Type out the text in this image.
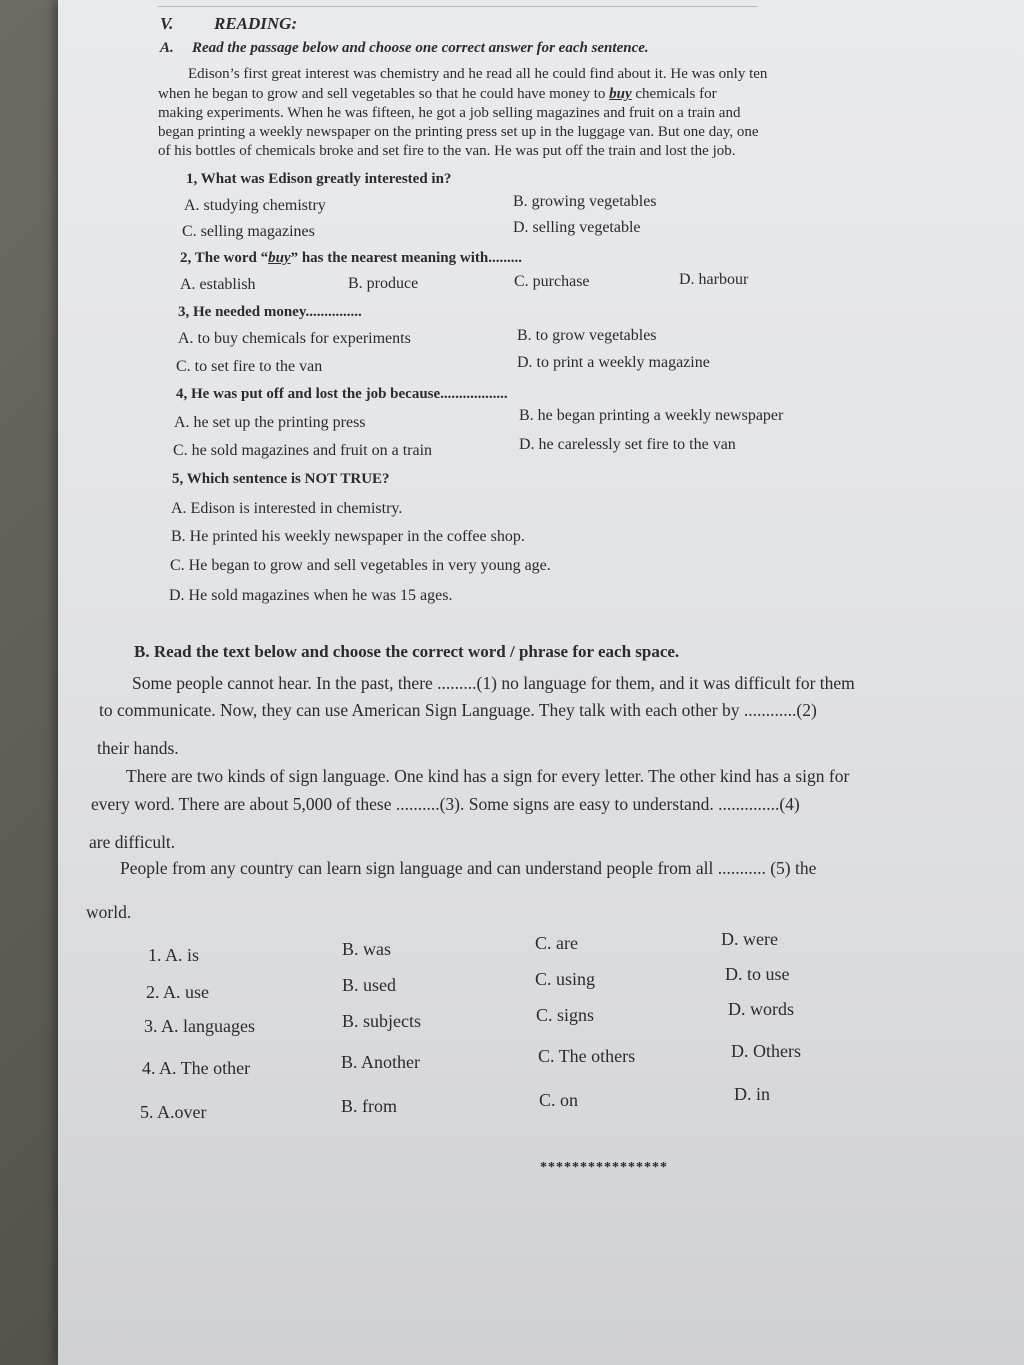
V. READING:
A. Read the passage below and choose one correct answer for each sentence.
Edison’s first great interest was chemistry and he read all he could find about it. He was only ten
when he began to grow and sell vegetables so that he could have money to buy chemicals for
making experiments. When he was fifteen, he got a job selling magazines and fruit on a train and
began printing a weekly newspaper on the printing press set up in the luggage van. But one day, one
of his bottles of chemicals broke and set fire to the van. He was put off the train and lost the job.
1, What was Edison greatly interested in?
A. studying chemistry	B. growing vegetables
C. selling magazines	D. selling vegetable
2, The word “buy” has the nearest meaning with.........
A. establish	B. produce	C. purchase	D. harbour
3, He needed money...............
A. to buy chemicals for experiments	B. to grow vegetables
C. to set fire to the van	D. to print a weekly magazine
4, He was put off and lost the job because..................
A. he set up the printing press	B. he began printing a weekly newspaper
C. he sold magazines and fruit on a train	D. he carelessly set fire to the van
5, Which sentence is NOT TRUE?
A. Edison is interested in chemistry.
B. He printed his weekly newspaper in the coffee shop.
C. He began to grow and sell vegetables in very young age.
D. He sold magazines when he was 15 ages.
B. Read the text below and choose the correct word / phrase for each space.
Some people cannot hear. In the past, there .........(1) no language for them, and it was difficult for them
to communicate. Now, they can use American Sign Language. They talk with each other by ............(2)
their hands.
There are two kinds of sign language. One kind has a sign for every letter. The other kind has a sign for
every word. There are about 5,000 of these ..........(3). Some signs are easy to understand. ..............(4)
are difficult.
People from any country can learn sign language and can understand people from all ........... (5) the
world.
1. A. is	B. was	C. are	D. were
2. A. use	B. used	C. using	D. to use
3. A. languages	B. subjects	C. signs	D. words
4. A. The other	B. Another	C. The others	D. Others
5. A.over	B. from	C. on	D. in
****************
